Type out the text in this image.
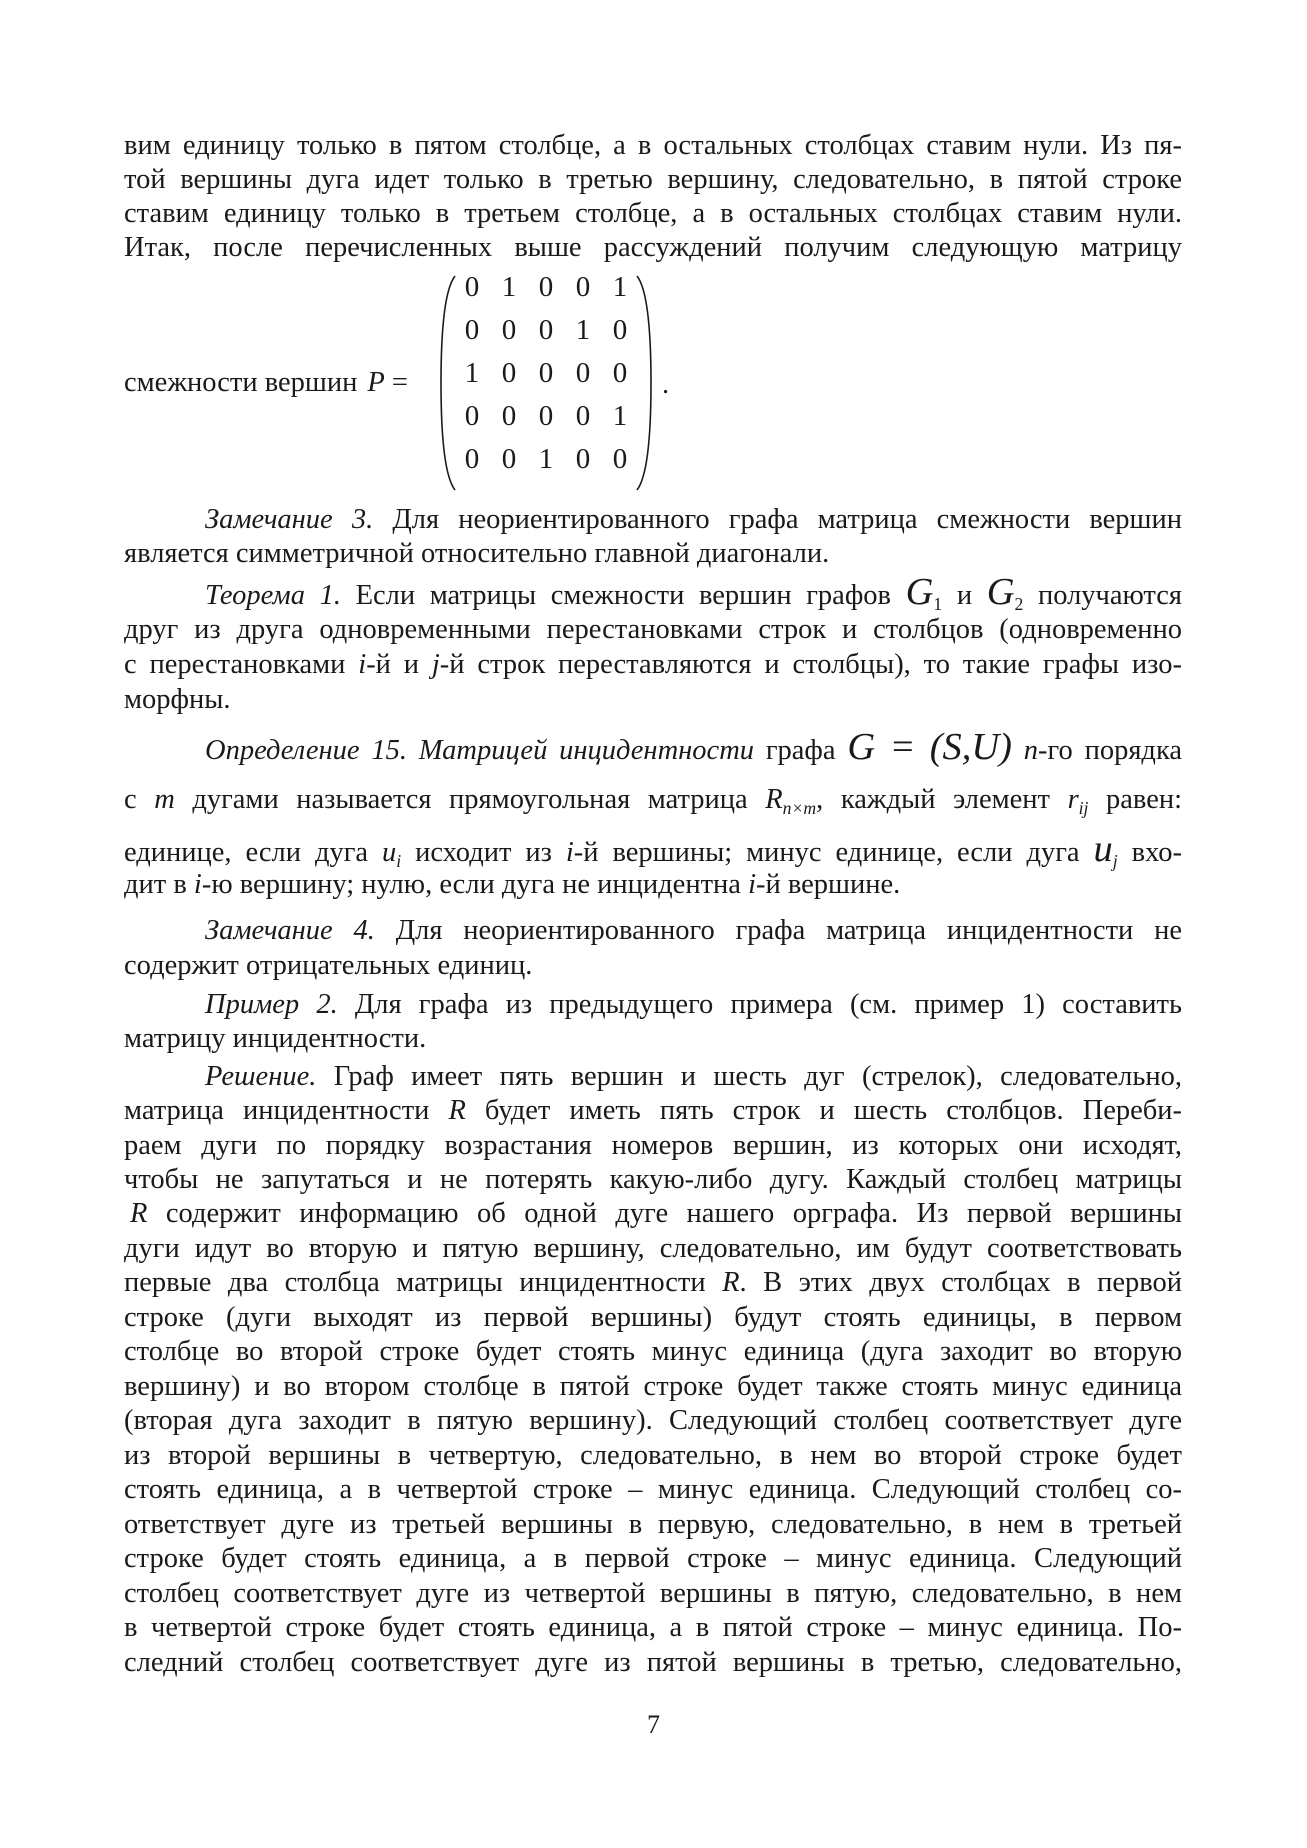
вим единицу только в пятом столбце, а в остальных столбцах ставим нули. Из пя-
той вершины дуга идет только в третью вершину, следовательно, в пятой строке
ставим единицу только в третьем столбце, а в остальных столбцах ставим нули.
Итак, после перечисленных выше рассуждений получим следующую матрицу
смежности вершин P =
0 1 0 0 1
0 0 0 1 0
1 0 0 0 0
0 0 0 0 1
0 0 1 0 0
.
Замечание 3. Для неориентированного графа матрица смежности вершин
является симметричной относительно главной диагонали.
Теорема 1. Если матрицы смежности вершин графов $G_1$ и $G_2$ получаются
друг из друга одновременными перестановками строк и столбцов (одновременно
с перестановками i-й и j-й строк переставляются и столбцы), то такие графы изо-
морфны.
Определение 15. Матрицей инцидентности графа G = (S,U) n-го порядка
с m дугами называется прямоугольная матрица $R_{n\times m}$, каждый элемент $r_{ij}$ равен:
единице, если дуга $u_i$ исходит из i-й вершины; минус единице, если дуга $u_j$ вхо-
дит в i-ю вершину; нулю, если дуга не инцидентна i-й вершине.
Замечание 4. Для неориентированного графа матрица инцидентности не
содержит отрицательных единиц.
Пример 2. Для графа из предыдущего примера (см. пример 1) составить
матрицу инцидентности.
Решение. Граф имеет пять вершин и шесть дуг (стрелок), следовательно,
матрица инцидентности R будет иметь пять строк и шесть столбцов. Переби-
раем дуги по порядку возрастания номеров вершин, из которых они исходят,
чтобы не запутаться и не потерять какую-либо дугу. Каждый столбец матрицы
R содержит информацию об одной дуге нашего орграфа. Из первой вершины
дуги идут во вторую и пятую вершину, следовательно, им будут соответствовать
первые два столбца матрицы инцидентности R. В этих двух столбцах в первой
строке (дуги выходят из первой вершины) будут стоять единицы, в первом
столбце во второй строке будет стоять минус единица (дуга заходит во вторую
вершину) и во втором столбце в пятой строке будет также стоять минус единица
(вторая дуга заходит в пятую вершину). Следующий столбец соответствует дуге
из второй вершины в четвертую, следовательно, в нем во второй строке будет
стоять единица, а в четвертой строке – минус единица. Следующий столбец со-
ответствует дуге из третьей вершины в первую, следовательно, в нем в третьей
строке будет стоять единица, а в первой строке – минус единица. Следующий
столбец соответствует дуге из четвертой вершины в пятую, следовательно, в нем
в четвертой строке будет стоять единица, а в пятой строке – минус единица. По-
следний столбец соответствует дуге из пятой вершины в третью, следовательно,
7
